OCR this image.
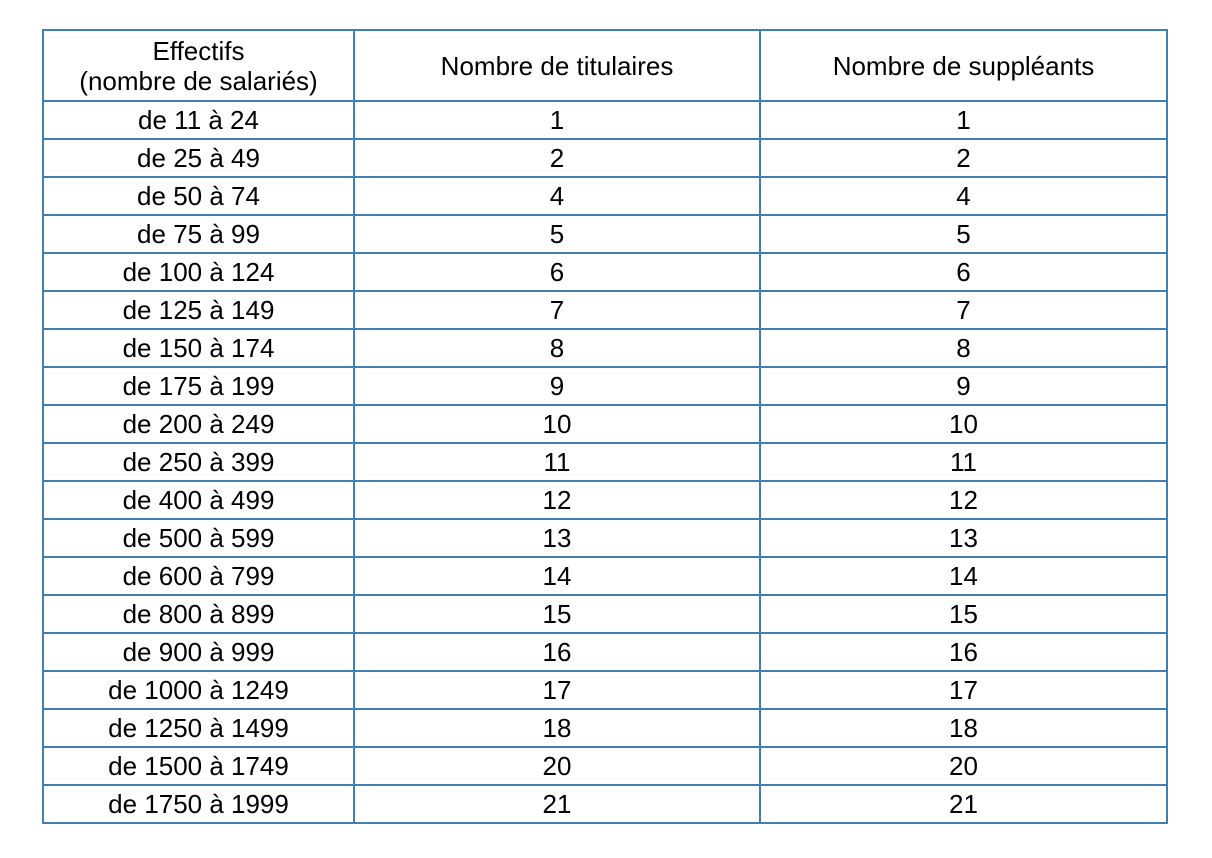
Effectifs
(nombre de salariés)	Nombre de titulaires	Nombre de suppléants
de 11 à 24	1	1
de 25 à 49	2	2
de 50 à 74	4	4
de 75 à 99	5	5
de 100 à 124	6	6
de 125 à 149	7	7
de 150 à 174	8	8
de 175 à 199	9	9
de 200 à 249	10	10
de 250 à 399	11	11
de 400 à 499	12	12
de 500 à 599	13	13
de 600 à 799	14	14
de 800 à 899	15	15
de 900 à 999	16	16
de 1000 à 1249	17	17
de 1250 à 1499	18	18
de 1500 à 1749	20	20
de 1750 à 1999	21	21
